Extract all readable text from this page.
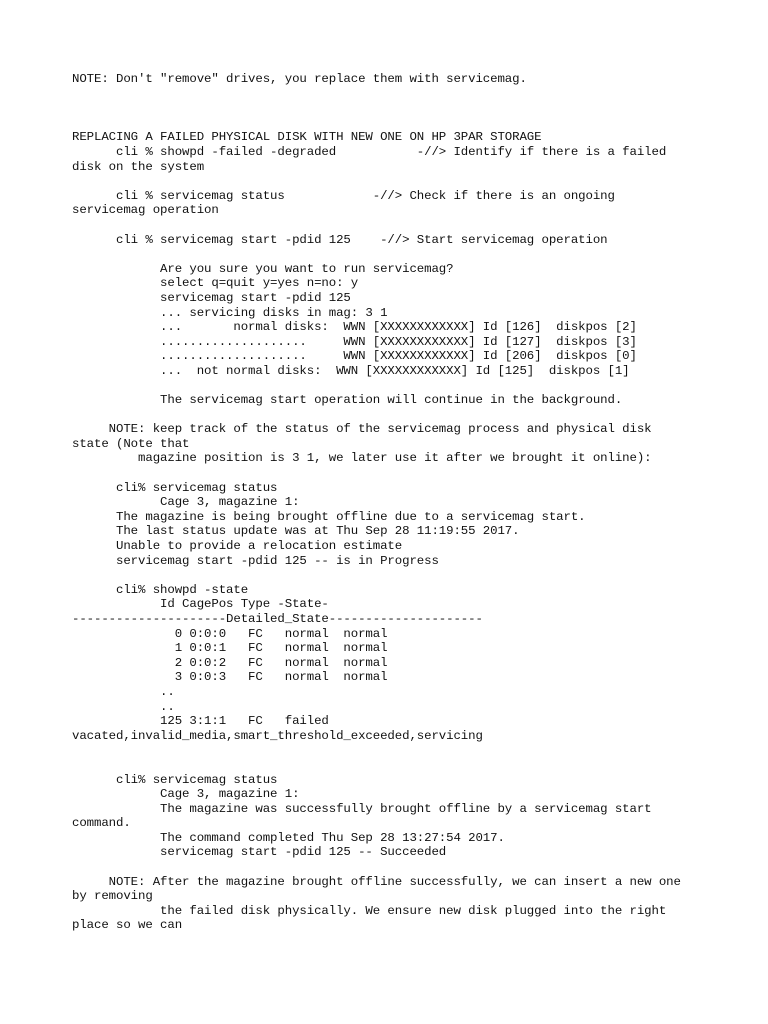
NOTE: Don't "remove" drives, you replace them with servicemag.
REPLACING A FAILED PHYSICAL DISK WITH NEW ONE ON HP 3PAR STORAGE
cli % showpd -failed -degraded           -//> Identify if there is a failed
disk on the system
cli % servicemag status            -//> Check if there is an ongoing
servicemag operation
cli % servicemag start -pdid 125    -//> Start servicemag operation
Are you sure you want to run servicemag?
select q=quit y=yes n=no: y
servicemag start -pdid 125
... servicing disks in mag: 3 1
...       normal disks:  WWN [XXXXXXXXXXXX] Id [126]  diskpos [2]
....................     WWN [XXXXXXXXXXXX] Id [127]  diskpos [3]
....................     WWN [XXXXXXXXXXXX] Id [206]  diskpos [0]
...  not normal disks:  WWN [XXXXXXXXXXXX] Id [125]  diskpos [1]
The servicemag start operation will continue in the background.
NOTE: keep track of the status of the servicemag process and physical disk
state (Note that
magazine position is 3 1, we later use it after we brought it online):
cli% servicemag status
Cage 3, magazine 1:
The magazine is being brought offline due to a servicemag start.
The last status update was at Thu Sep 28 11:19:55 2017.
Unable to provide a relocation estimate
servicemag start -pdid 125 -- is in Progress
cli% showpd -state
Id CagePos Type -State-
---------------------Detailed_State---------------------
0 0:0:0   FC   normal  normal
1 0:0:1   FC   normal  normal
2 0:0:2   FC   normal  normal
3 0:0:3   FC   normal  normal
..
..
125 3:1:1   FC   failed
vacated,invalid_media,smart_threshold_exceeded,servicing
cli% servicemag status
Cage 3, magazine 1:
The magazine was successfully brought offline by a servicemag start
command.
The command completed Thu Sep 28 13:27:54 2017.
servicemag start -pdid 125 -- Succeeded
NOTE: After the magazine brought offline successfully, we can insert a new one
by removing
the failed disk physically. We ensure new disk plugged into the right
place so we can
